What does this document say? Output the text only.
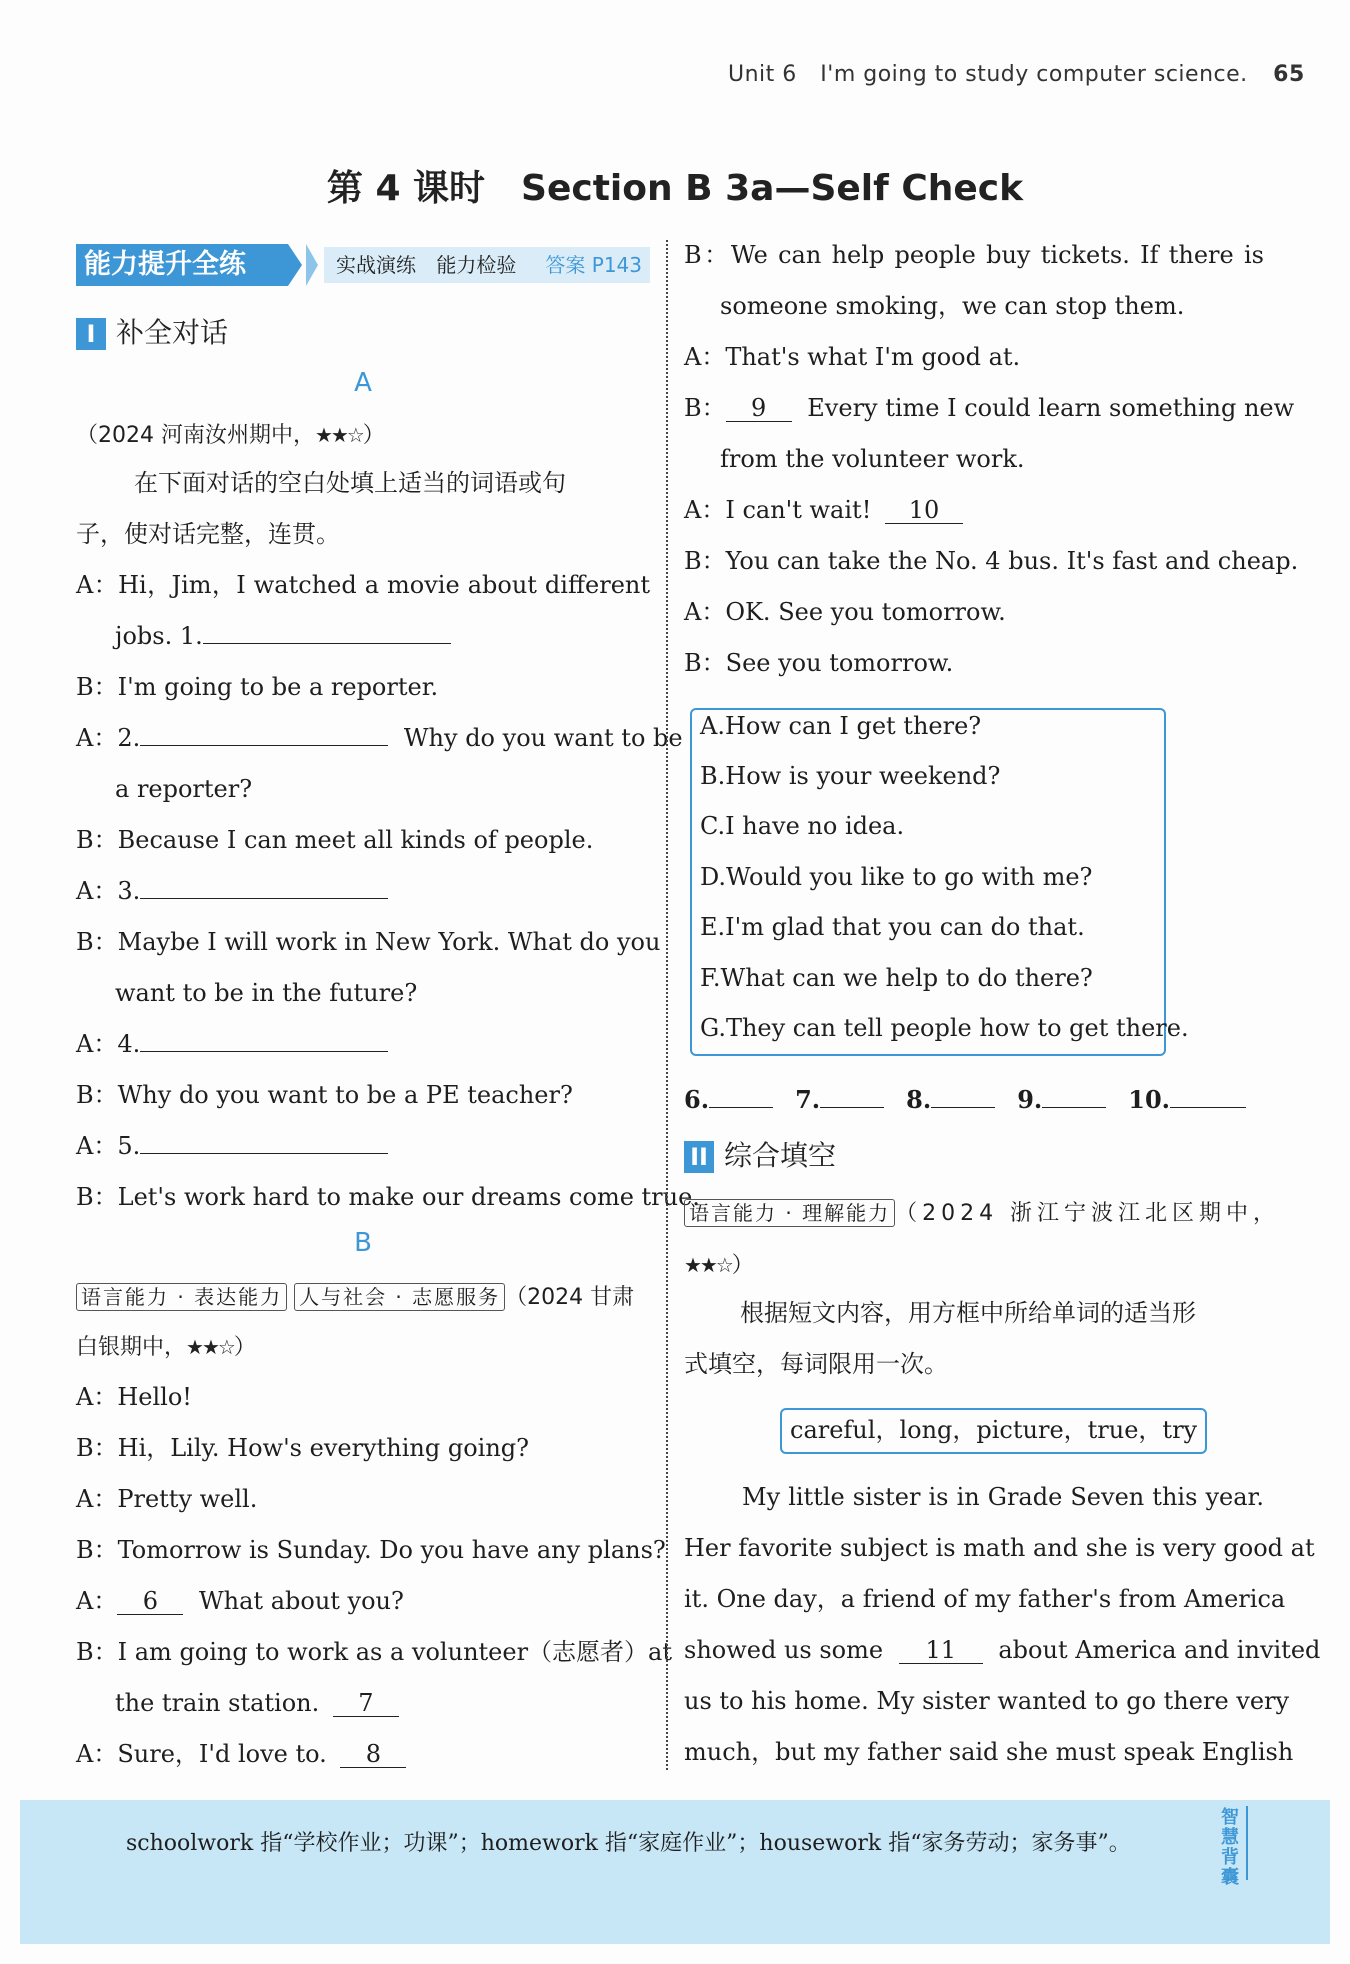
Unit 6 I'm going to study computer science. 65
第 4 课时　Section B 3a—Self Check
能力提升全练	实战演练 能力检验 答案 P143
I 补全对话
A
（2024 河南汝州期中，★★☆）
在下面对话的空白处填上适当的词语或句
子，使对话完整，连贯。
A：Hi，Jim，I watched a movie about different
jobs. 1.
B：I'm going to be a reporter.
A：2.	Why do you want to be
a reporter?
B：Because I can meet all kinds of people.
A：3.
B：Maybe I will work in New York. What do you
want to be in the future?
A：4.
B：Why do you want to be a PE teacher?
A：5.
B：Let's work hard to make our dreams come true.
B
语言能力 · 表达能力 人与社会 · 志愿服务 （2024 甘肃
白银期中，★★☆）
A：Hello!
B：Hi，Lily. How's everything going?
A：Pretty well.
B：Tomorrow is Sunday. Do you have any plans?
A： 6 What about you?
B：I am going to work as a volunteer（志愿者）at
the train station. 7
A：Sure，I'd love to. 8
B：We can help people buy tickets. If there is
someone smoking，we can stop them.
A：That's what I'm good at.
B： 9 Every time I could learn something new
from the volunteer work.
A：I can't wait! 10
B：You can take the No. 4 bus. It's fast and cheap.
A：OK. See you tomorrow.
B：See you tomorrow.
A.How can I get there?
B.How is your weekend?
C.I have no idea.
D.Would you like to go with me?
E.I'm glad that you can do that.
F.What can we help to do there?
G.They can tell people how to get there.
6.	7.	8.	9.	10.
II 综合填空
语言能力 · 理解能力 （2024 浙江宁波江北区期中，
★★☆）
根据短文内容，用方框中所给单词的适当形
式填空，每词限用一次。
careful，long，picture，true，try
My little sister is in Grade Seven this year.
Her favorite subject is math and she is very good at
it. One day，a friend of my father's from America
showed us some 11 about America and invited
us to his home. My sister wanted to go there very
much，but my father said she must speak English
schoolwork 指“学校作业；功课”；homework 指“家庭作业”；housework 指“家务劳动；家务事”。
智慧背囊
